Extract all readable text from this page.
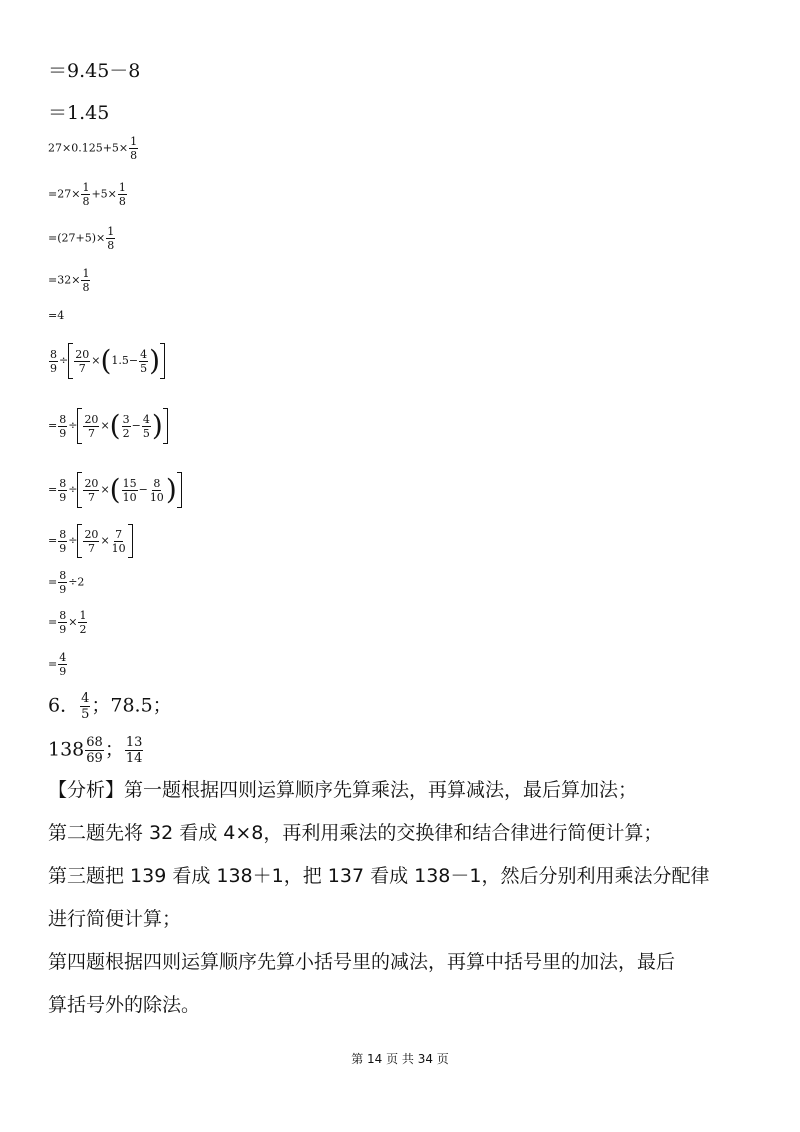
＝9.45－8
＝1.45
$27\times 0.125+5\times \frac{1}{8}$
$=27\times \frac{1}{8} +5\times \frac{1}{8}$
$=(27+5)\times \frac{1}{8}$
$=32\times \frac{1}{8}$
=4
$\frac{8}{9} \div \frac{20}{7} \times(1.5- \frac{4}{5}$ )
= $\frac{8}{9} \div \frac{20}{7}$ ×( $\frac{3}{2} - \frac{4}{5}$ )
= $\frac{8}{9} \div \frac{20}{7}$ ×( $\frac{15}{10} - \frac{8}{10}$ )
= $\frac{8}{9} \div \frac{20}{7} \times \frac{7}{10}$
= $\frac{8}{9} \div 2$
= $\frac{8}{9} \times \frac{1}{2}$
= $\frac{4}{9}$
6． $\frac{4}{5}$ ；78.5；
$138 \frac{68}{69}$ ； $\frac{13}{14}$
【分析】第一题根据四则运算顺序先算乘法，再算减法，最后算加法；
第二题先将 32 看成 4×8，再利用乘法的交换律和结合律进行简便计算；
第三题把 139 看成 138＋1，把 137 看成 138－1，然后分别利用乘法分配律
进行简便计算；
第四题根据四则运算顺序先算小括号里的减法，再算中括号里的加法，最后
算括号外的除法。
第 14 页 共 34 页
